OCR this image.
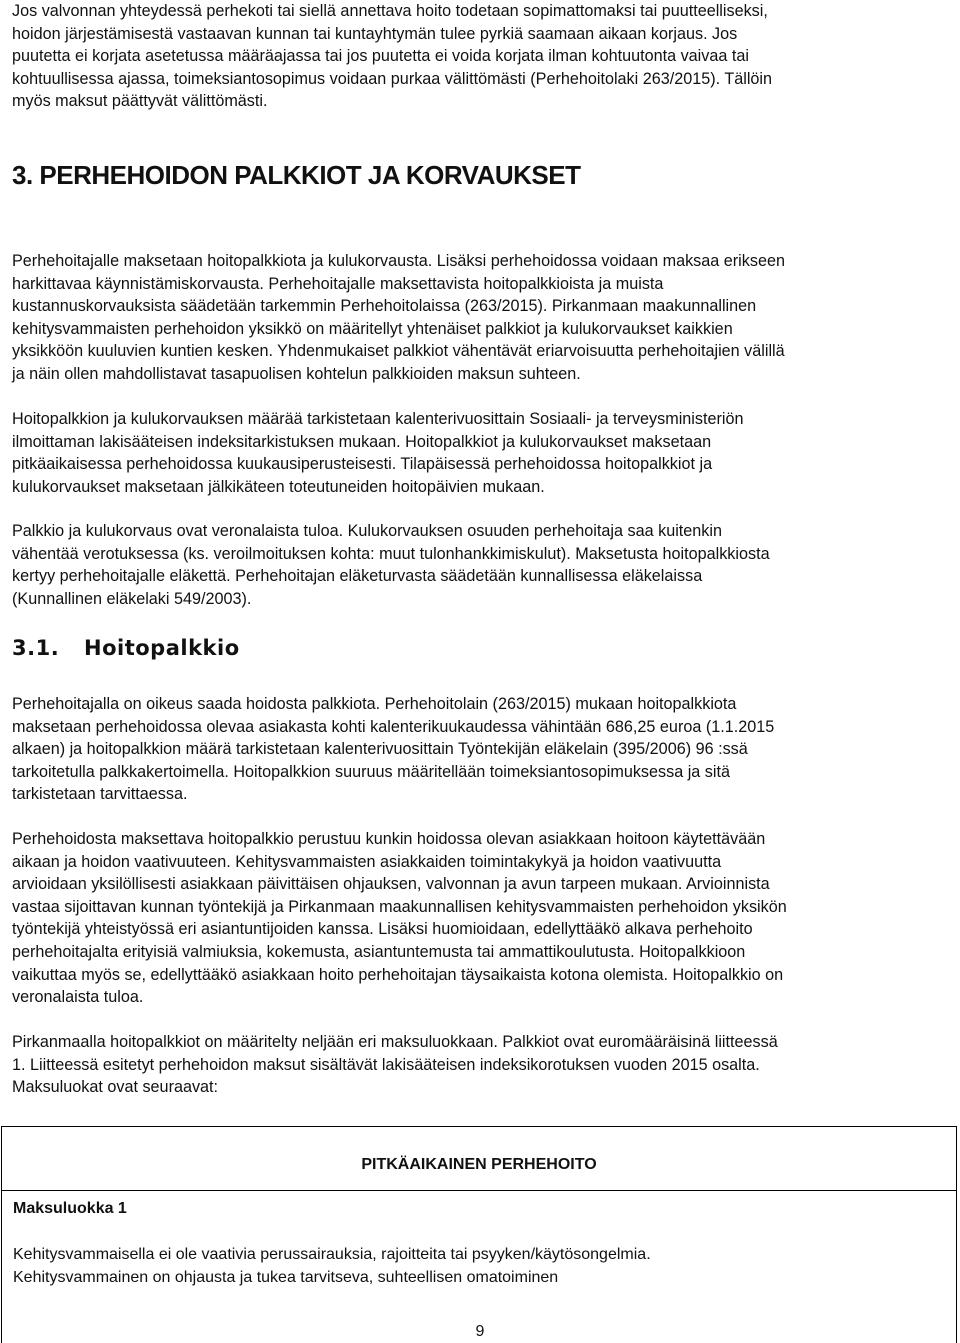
Jos valvonnan yhteydessä perhekoti tai siellä annettava hoito todetaan sopimattomaksi tai puutteelliseksi,
hoidon järjestämisestä vastaavan kunnan tai kuntayhtymän tulee pyrkiä saamaan aikaan korjaus. Jos
puutetta ei korjata asetetussa määräajassa tai jos puutetta ei voida korjata ilman kohtuutonta vaivaa tai
kohtuullisessa ajassa, toimeksiantosopimus voidaan purkaa välittömästi (Perhehoitolaki 263/2015). Tällöin
myös maksut päättyvät välittömästi.

3. PERHEHOIDON PALKKIOT JA KORVAUKSET

Perhehoitajalle maksetaan hoitopalkkiota ja kulukorvausta. Lisäksi perhehoidossa voidaan maksaa erikseen
harkittavaa käynnistämiskorvausta. Perhehoitajalle maksettavista hoitopalkkioista ja muista
kustannuskorvauksista säädetään tarkemmin Perhehoitolaissa (263/2015). Pirkanmaan maakunnallinen
kehitysvammaisten perhehoidon yksikkö on määritellyt yhtenäiset palkkiot ja kulukorvaukset kaikkien
yksikköön kuuluvien kuntien kesken. Yhdenmukaiset palkkiot vähentävät eriarvoisuutta perhehoitajien välillä
ja näin ollen mahdollistavat tasapuolisen kohtelun palkkioiden maksun suhteen.

Hoitopalkkion ja kulukorvauksen määrää tarkistetaan kalenterivuosittain Sosiaali- ja terveysministeriön
ilmoittaman lakisääteisen indeksitarkistuksen mukaan. Hoitopalkkiot ja kulukorvaukset maksetaan
pitkäaikaisessa perhehoidossa kuukausiperusteisesti. Tilapäisessä perhehoidossa hoitopalkkiot ja
kulukorvaukset maksetaan jälkikäteen toteutuneiden hoitopäivien mukaan.

Palkkio ja kulukorvaus ovat veronalaista tuloa. Kulukorvauksen osuuden perhehoitaja saa kuitenkin
vähentää verotuksessa (ks. veroilmoituksen kohta: muut tulonhankkimiskulut). Maksetusta hoitopalkkiosta
kertyy perhehoitajalle eläkettä. Perhehoitajan eläketurvasta säädetään kunnallisessa eläkelaissa
(Kunnallinen eläkelaki 549/2003).

3.1. Hoitopalkkio

Perhehoitajalla on oikeus saada hoidosta palkkiota. Perhehoitolain (263/2015) mukaan hoitopalkkiota
maksetaan perhehoidossa olevaa asiakasta kohti kalenterikuukaudessa vähintään 686,25 euroa (1.1.2015
alkaen) ja hoitopalkkion määrä tarkistetaan kalenterivuosittain Työntekijän eläkelain (395/2006) 96 :ssä
tarkoitetulla palkkakertoimella. Hoitopalkkion suuruus määritellään toimeksiantosopimuksessa ja sitä
tarkistetaan tarvittaessa.

Perhehoidosta maksettava hoitopalkkio perustuu kunkin hoidossa olevan asiakkaan hoitoon käytettävään
aikaan ja hoidon vaativuuteen. Kehitysvammaisten asiakkaiden toimintakykyä ja hoidon vaativuutta
arvioidaan yksilöllisesti asiakkaan päivittäisen ohjauksen, valvonnan ja avun tarpeen mukaan. Arvioinnista
vastaa sijoittavan kunnan työntekijä ja Pirkanmaan maakunnallisen kehitysvammaisten perhehoidon yksikön
työntekijä yhteistyössä eri asiantuntijoiden kanssa. Lisäksi huomioidaan, edellyttääkö alkava perhehoito
perhehoitajalta erityisiä valmiuksia, kokemusta, asiantuntemusta tai ammattikoulutusta. Hoitopalkkioon
vaikuttaa myös se, edellyttääkö asiakkaan hoito perhehoitajan täysaikaista kotona olemista. Hoitopalkkio on
veronalaista tuloa.

Pirkanmaalla hoitopalkkiot on määritelty neljään eri maksuluokkaan. Palkkiot ovat euromääräisinä liitteessä
1. Liitteessä esitetyt perhehoidon maksut sisältävät lakisääteisen indeksikorotuksen vuoden 2015 osalta.
Maksuluokat ovat seuraavat:

PITKÄAIKAINEN PERHEHOITO
Maksuluokka 1
Kehitysvammaisella ei ole vaativia perussairauksia, rajoitteita tai psyyken/käytösongelmia.
Kehitysvammainen on ohjausta ja tukea tarvitseva, suhteellisen omatoiminen
9
